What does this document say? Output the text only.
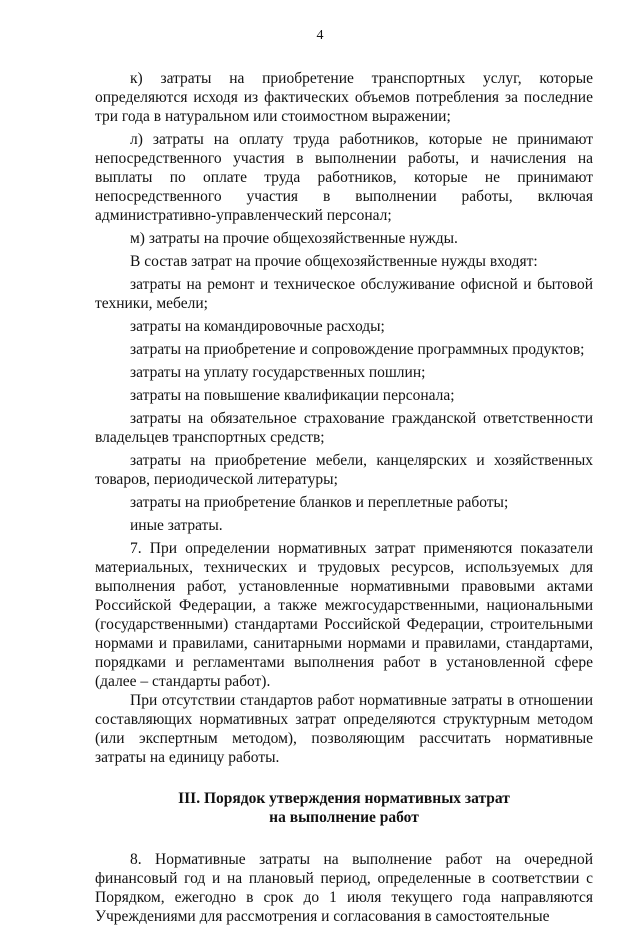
4

к) затраты на приобретение транспортных услуг, которые определяются исходя из фактических объемов потребления за последние три года в натуральном или стоимостном выражении;

л) затраты на оплату труда работников, которые не принимают непосредственного участия в выполнении работы, и начисления на выплаты по оплате труда работников, которые не принимают непосредственного участия в выполнении работы, включая административно-управленческий персонал;

м) затраты на прочие общехозяйственные нужды.

В состав затрат на прочие общехозяйственные нужды входят:

затраты на ремонт и техническое обслуживание офисной и бытовой техники, мебели;

затраты на командировочные расходы;

затраты на приобретение и сопровождение программных продуктов;

затраты на уплату государственных пошлин;

затраты на повышение квалификации персонала;

затраты на обязательное страхование гражданской ответственности владельцев транспортных средств;

затраты на приобретение мебели, канцелярских и хозяйственных товаров, периодической литературы;

затраты на приобретение бланков и переплетные работы;

иные затраты.

7. При определении нормативных затрат применяются показатели материальных, технических и трудовых ресурсов, используемых для выполнения работ, установленные нормативными правовыми актами Российской Федерации, а также межгосударственными, национальными (государственными) стандартами Российской Федерации, строительными нормами и правилами, санитарными нормами и правилами, стандартами, порядками и регламентами выполнения работ в установленной сфере (далее – стандарты работ).

При отсутствии стандартов работ нормативные затраты в отношении составляющих нормативных затрат определяются структурным методом (или экспертным методом), позволяющим рассчитать нормативные затраты на единицу работы.

III. Порядок утверждения нормативных затрат
на выполнение работ

8. Нормативные затраты на выполнение работ на очередной финансовый год и на плановый период, определенные в соответствии с Порядком, ежегодно в срок до 1 июля текущего года направляются Учреждениями для рассмотрения и согласования в самостоятельные
